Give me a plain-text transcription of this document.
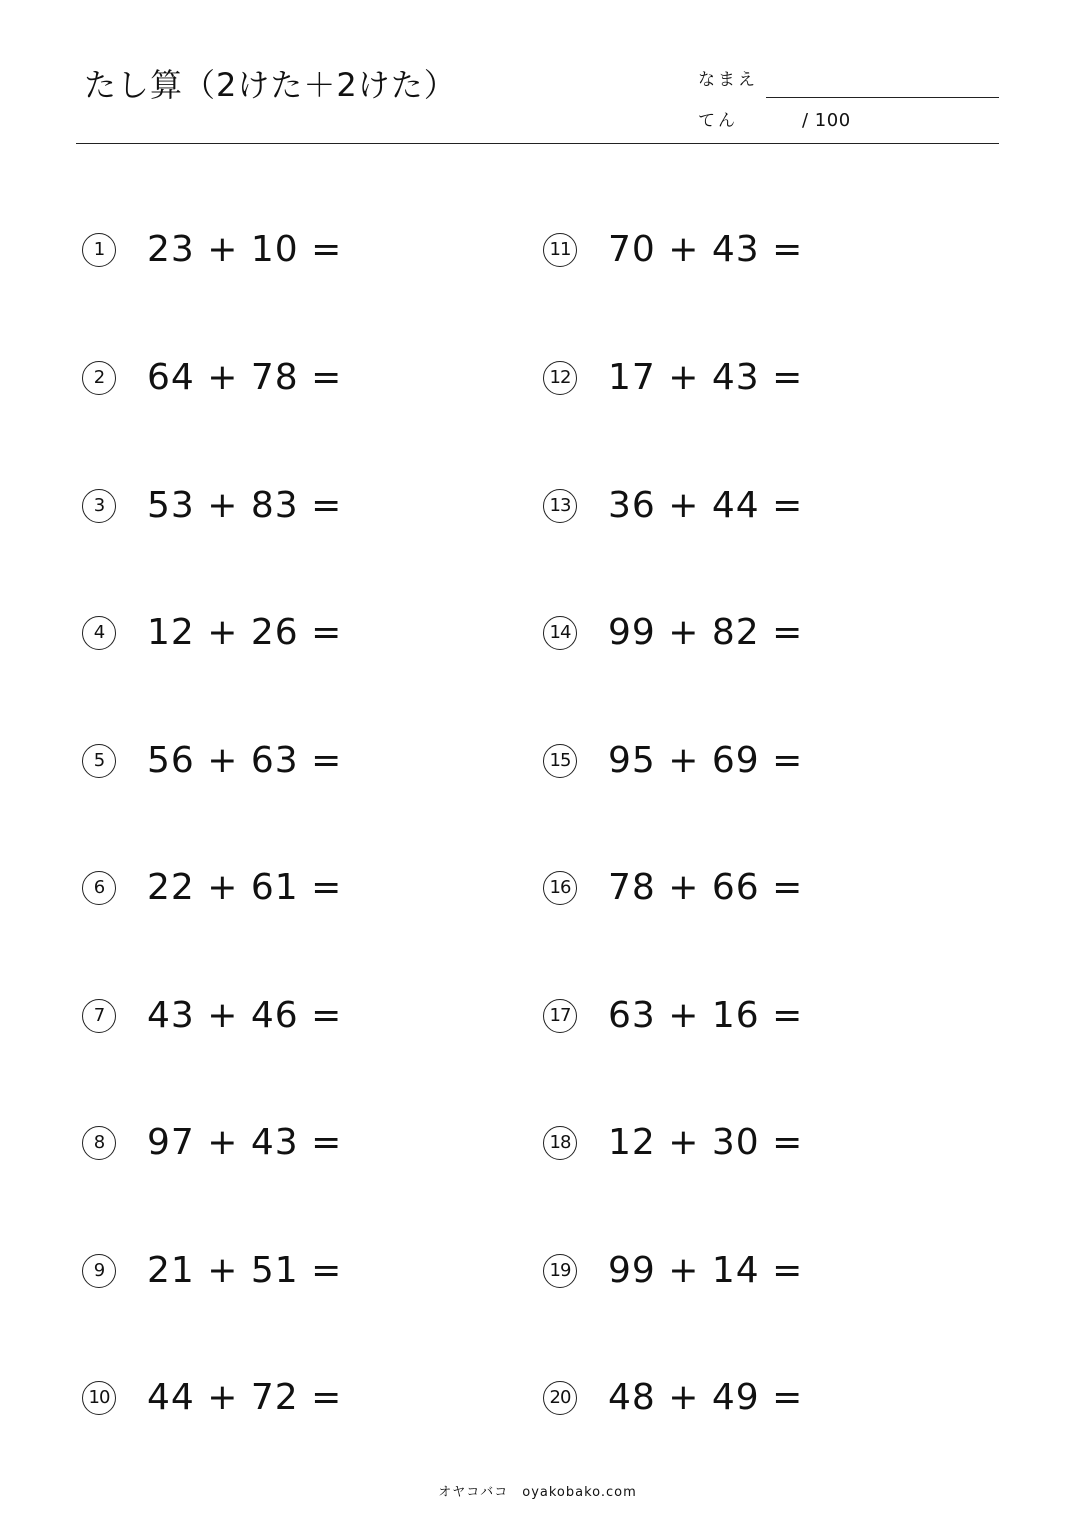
たし算（2けた＋2けた）	なまえ
てん	/ 100
1	23 + 10 =
2	64 + 78 =
3	53 + 83 =
4	12 + 26 =
5	56 + 63 =
6	22 + 61 =
7	43 + 46 =
8	97 + 43 =
9	21 + 51 =
10 44 + 72 =
11 70 + 43 =
12 17 + 43 =
13 36 + 44 =
14 99 + 82 =
15 95 + 69 =
16 78 + 66 =
17 63 + 16 =
18 12 + 30 =
19 99 + 14 =
20 48 + 49 =
オヤコバコ oyakobako.com
